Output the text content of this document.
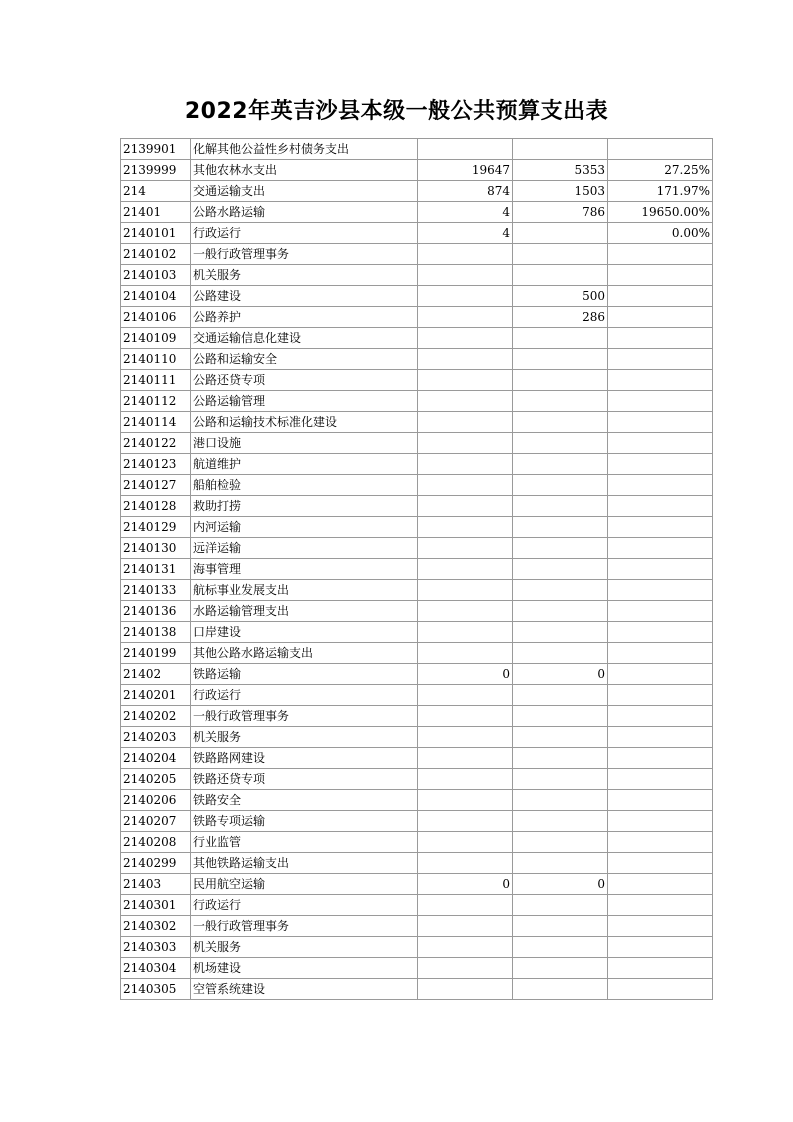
2022年英吉沙县本级一般公共预算支出表
2139901	化解其他公益性乡村债务支出			
2139999	其他农林水支出	19647	5353	27.25%
214	交通运输支出	874	1503	171.97%
21401	公路水路运输	4	786	19650.00%
2140101	行政运行	4		0.00%
2140102	一般行政管理事务			
2140103	机关服务			
2140104	公路建设		500	
2140106	公路养护		286	
2140109	交通运输信息化建设			
2140110	公路和运输安全			
2140111	公路还贷专项			
2140112	公路运输管理			
2140114	公路和运输技术标准化建设			
2140122	港口设施			
2140123	航道维护			
2140127	船舶检验			
2140128	救助打捞			
2140129	内河运输			
2140130	远洋运输			
2140131	海事管理			
2140133	航标事业发展支出			
2140136	水路运输管理支出			
2140138	口岸建设			
2140199	其他公路水路运输支出			
21402	铁路运输	0	0	
2140201	行政运行			
2140202	一般行政管理事务			
2140203	机关服务			
2140204	铁路路网建设			
2140205	铁路还贷专项			
2140206	铁路安全			
2140207	铁路专项运输			
2140208	行业监管			
2140299	其他铁路运输支出			
21403	民用航空运输	0	0	
2140301	行政运行			
2140302	一般行政管理事务			
2140303	机关服务			
2140304	机场建设			
2140305	空管系统建设			
